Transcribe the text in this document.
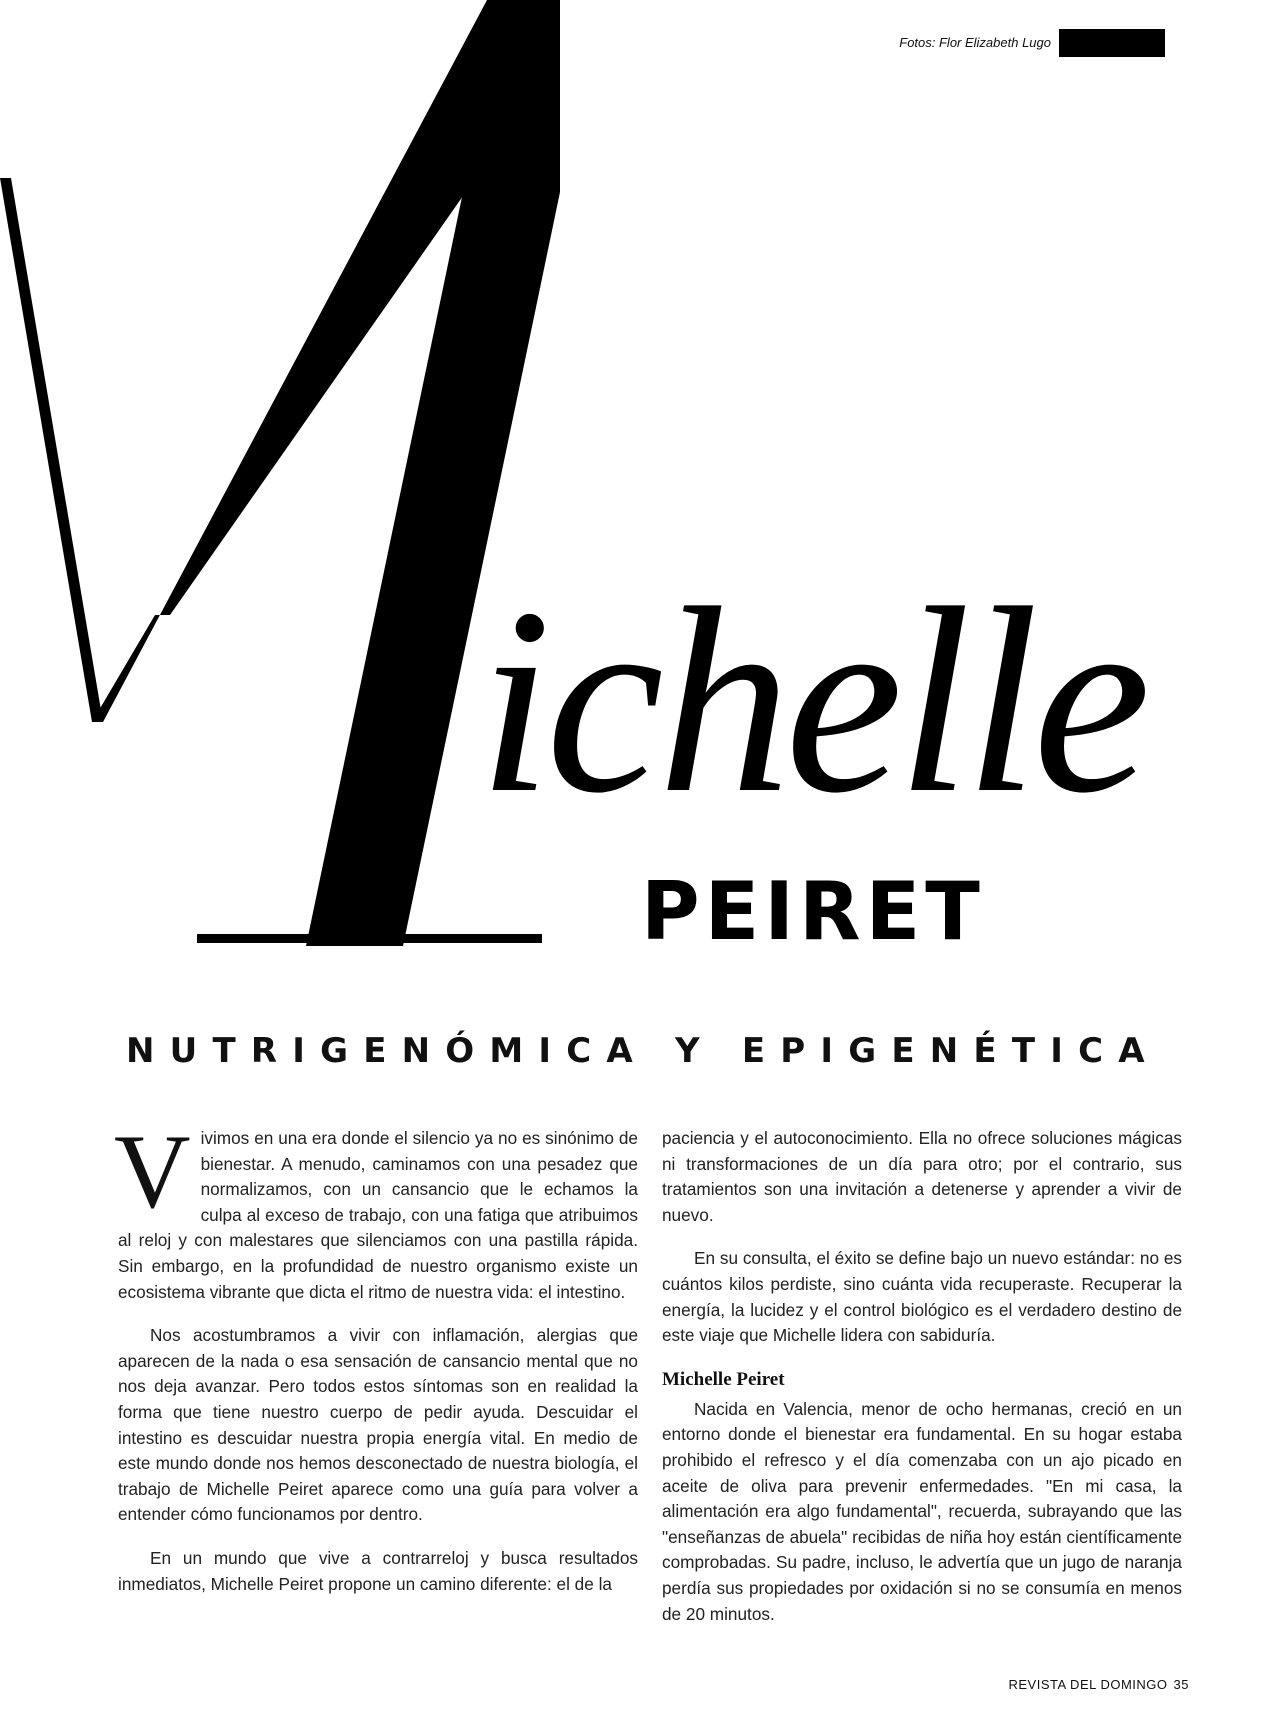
Fotos: Flor Elizabeth Lugo
M
ichelle
PEIRET
NUTRIGENÓMICA Y EPIGENÉTICA

Vivimos en una era donde el silencio ya no es sinónimo de bienestar. A menudo, caminamos con una pesadez que normalizamos, con un cansancio que le echamos la culpa al exceso de trabajo, con una fatiga que atribuimos al reloj y con malestares que silenciamos con una pastilla rápida. Sin embargo, en la profundidad de nuestro organismo existe un ecosistema vibrante que dicta el ritmo de nuestra vida: el intestino.

Nos acostumbramos a vivir con inflamación, alergias que aparecen de la nada o esa sensación de cansancio mental que no nos deja avanzar. Pero todos estos síntomas son en realidad la forma que tiene nuestro cuerpo de pedir ayuda. Descuidar el intestino es descuidar nuestra propia energía vital. En medio de este mundo donde nos hemos desconectado de nuestra biología, el trabajo de Michelle Peiret aparece como una guía para volver a entender cómo funcionamos por dentro.

En un mundo que vive a contrarreloj y busca resultados inmediatos, Michelle Peiret propone un camino diferente: el de la

paciencia y el autoconocimiento. Ella no ofrece soluciones mágicas ni transformaciones de un día para otro; por el contrario, sus tratamientos son una invitación a detenerse y aprender a vivir de nuevo.

En su consulta, el éxito se define bajo un nuevo estándar: no es cuántos kilos perdiste, sino cuánta vida recuperaste. Recuperar la energía, la lucidez y el control biológico es el verdadero destino de este viaje que Michelle lidera con sabiduría.

Michelle Peiret

Nacida en Valencia, menor de ocho hermanas, creció en un entorno donde el bienestar era fundamental. En su hogar estaba prohibido el refresco y el día comenzaba con un ajo picado en aceite de oliva para prevenir enfermedades. "En mi casa, la alimentación era algo fundamental", recuerda, subrayando que las "enseñanzas de abuela" recibidas de niña hoy están científicamente comprobadas. Su padre, incluso, le advertía que un jugo de naranja perdía sus propiedades por oxidación si no se consumía en menos de 20 minutos.

REVISTA DEL DOMINGO 35
